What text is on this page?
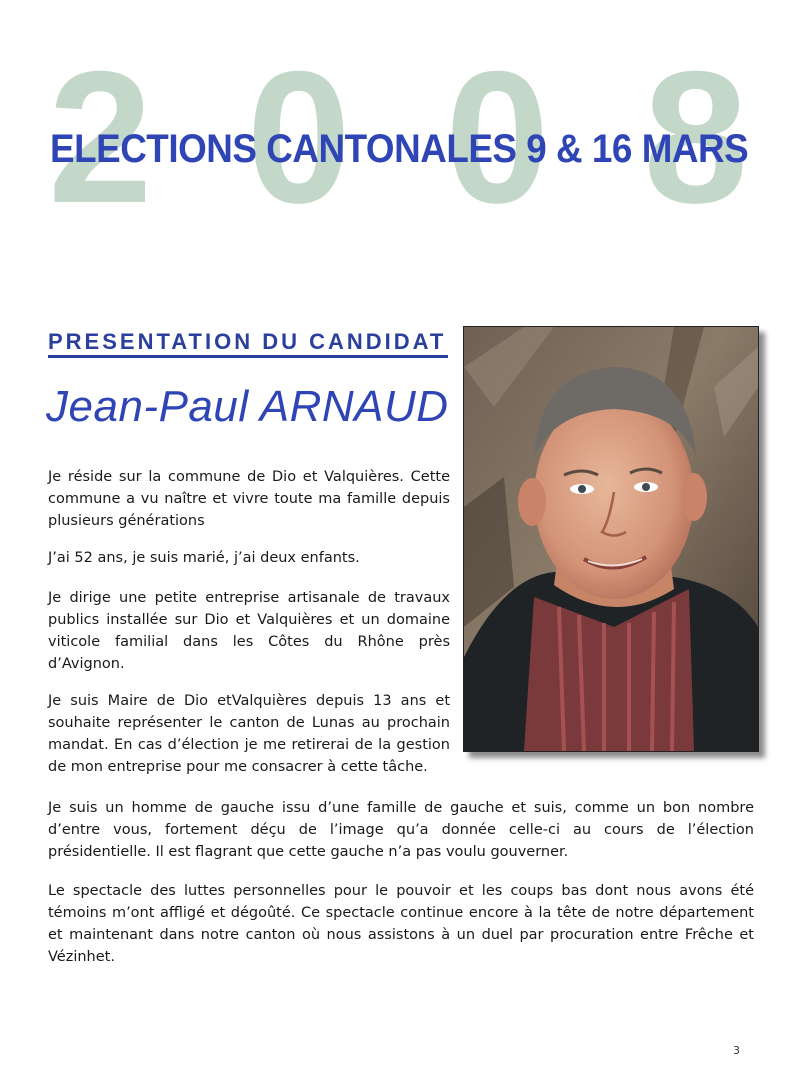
2 0 0 8
ELECTIONS CANTONALES 9 & 16 MARS
PRESENTATION DU CANDIDAT
Jean-Paul ARNAUD

Je réside sur la commune de Dio et Valquières. Cette commune a vu naître et vivre toute ma famille depuis plusieurs générations

J’ai 52 ans, je suis marié, j’ai deux enfants.

Je dirige une petite entreprise artisanale de travaux publics installée sur Dio et Valquières et un domaine viticole familial dans les Côtes du Rhône près d’Avignon.

Je suis Maire de Dio etValquières depuis 13 ans et souhaite représenter le canton de Lunas au prochain mandat. En cas d’élection je me retirerai de la gestion de mon entreprise pour me consacrer à cette tâche.

Je suis un homme de gauche issu d’une famille de gauche et suis, comme un bon nombre d’entre vous, fortement déçu de l’image qu’a donnée celle-ci au cours de l’élection présidentielle. Il est flagrant que cette gauche n’a pas voulu gouverner.

Le spectacle des luttes personnelles pour le pouvoir et les coups bas dont nous avons été témoins m’ont affligé et dégoûté. Ce spectacle continue encore à la tête de notre département et maintenant dans notre canton où nous assistons à un duel par procuration entre Frêche et Vézinhet.

3
